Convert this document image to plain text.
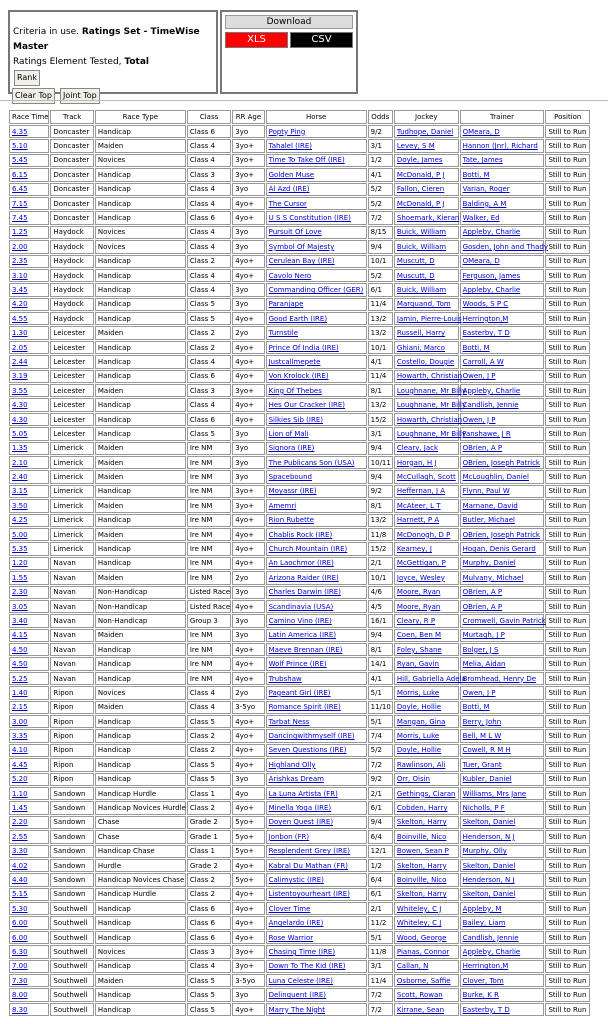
Criteria in use. Ratings Set - TimeWise Master
Ratings Element Tested, Total
Rank
Clear Top	Joint Top
Download
XLS	CSV
Race Time	Track	Race Type	Class	RR Age	Horse	Odds	Jockey	Trainer	Position
4.35	Doncaster	Handicap	Class 6	3yo	Popty Ping	9/2	Tudhope, Daniel	OMeara, D	Still to Run
5.10	Doncaster	Maiden	Class 4	3yo+	Tahalel (IRE)	3/1	Levey, S M	Hannon (Jnr), Richard	Still to Run
5.45	Doncaster	Novices	Class 4	3yo+	Time To Take Off (IRE)	1/2	Doyle, James	Tate, James	Still to Run
6.15	Doncaster	Handicap	Class 3	3yo+	Golden Muse	4/1	McDonald, P J	Botti, M	Still to Run
6.45	Doncaster	Handicap	Class 4	3yo	Al Azd (IRE)	5/2	Fallon, Cieren	Varian, Roger	Still to Run
7.15	Doncaster	Handicap	Class 4	4yo+	The Cursor	5/2	McDonald, P J	Balding, A M	Still to Run
7.45	Doncaster	Handicap	Class 6	4yo+	U S S Constitution (IRE)	7/2	Shoemark, Kieran	Walker, Ed	Still to Run
1.25	Haydock	Novices	Class 4	3yo	Pursuit Of Love	8/15	Buick, William	Appleby, Charlie	Still to Run
2.00	Haydock	Novices	Class 4	3yo	Symbol Of Majesty	9/4	Buick, William	Gosden, John and Thady	Still to Run
2.35	Haydock	Handicap	Class 2	4yo+	Cerulean Bay (IRE)	10/1	Muscutt, D	OMeara, D	Still to Run
3.10	Haydock	Handicap	Class 4	4yo+	Cavolo Nero	5/2	Muscutt, D	Ferguson, James	Still to Run
3.45	Haydock	Handicap	Class 4	3yo	Commanding Officer (GER)	6/1	Buick, William	Appleby, Charlie	Still to Run
4.20	Haydock	Handicap	Class 5	3yo	Paranjape	11/4	Marquand, Tom	Woods, S P C	Still to Run
4.55	Haydock	Handicap	Class 5	4yo+	Good Earth (IRE)	13/2	Jamin, Pierre-Louis	Herrington,M	Still to Run
1.30	Leicester	Maiden	Class 2	2yo	Turnstile	13/2	Russell, Harry	Easterby, T D	Still to Run
2.05	Leicester	Handicap	Class 2	4yo+	Prince Of India (IRE)	10/1	Ghiani, Marco	Botti, M	Still to Run
2.44	Leicester	Handicap	Class 4	4yo+	Justcallmepete	4/1	Costello, Dougie	Carroll, A W	Still to Run
3.19	Leicester	Handicap	Class 6	4yo+	Von Krolock (IRE)	11/4	Howarth, Christian	Owen, J P	Still to Run
3.55	Leicester	Maiden	Class 3	3yo+	King Of Thebes	8/1	Loughnane, Mr Billy	Appleby, Charlie	Still to Run
4.30	Leicester	Handicap	Class 4	4yo+	Hes Our Cracker (IRE)	13/2	Loughnane, Mr Billy	Candlish, Jennie	Still to Run
4.30	Leicester	Handicap	Class 6	4yo+	Silkies Sib (IRE)	15/2	Howarth, Christian	Owen, J P	Still to Run
5.05	Leicester	Handicap	Class 5	3yo	Lion of Mali	3/1	Loughnane, Mr Billy	Fanshawe, J R	Still to Run
1.35	Limerick	Maiden	Ire NM	3yo	Signora (IRE)	9/4	Cleary, Jack	OBrien, A P	Still to Run
2.10	Limerick	Maiden	Ire NM	3yo	The Publicans Son (USA)	10/11	Horgan, H J	OBrien, Joseph Patrick	Still to Run
2.40	Limerick	Maiden	Ire NM	3yo	Spacebound	9/4	McCullagh, Scott	McLoughlin, Daniel	Still to Run
3.15	Limerick	Handicap	Ire NM	3yo+	Moyassr (IRE)	9/2	Heffernan, J A	Flynn, Paul W	Still to Run
3.50	Limerick	Maiden	Ire NM	3yo+	Amemri	8/1	McAteer, L T	Marnane, David	Still to Run
4.25	Limerick	Handicap	Ire NM	4yo+	Rion Rubette	13/2	Harnett, P A	Butler, Michael	Still to Run
5.00	Limerick	Maiden	Ire NM	4yo+	Chablis Rock (IRE)	11/8	McDonogh, D P	OBrien, Joseph Patrick	Still to Run
5.35	Limerick	Handicap	Ire NM	4yo+	Church Mountain (IRE)	15/2	Kearney, J	Hogan, Denis Gerard	Still to Run
1.20	Navan	Handicap	Ire NM	4yo+	An Laochmor (IRE)	2/1	McGettigan, P	Murphy, Daniel	Still to Run
1.55	Navan	Maiden	Ire NM	2yo	Arizona Raider (IRE)	10/1	Joyce, Wesley	Mulvany, Michael	Still to Run
2.30	Navan	Non-Handicap	Listed Race	3yo	Charles Darwin (IRE)	4/6	Moore, Ryan	OBrien, A P	Still to Run
3.05	Navan	Non-Handicap	Listed Race	4yo+	Scandinavia (USA)	4/5	Moore, Ryan	OBrien, A P	Still to Run
3.40	Navan	Non-Handicap	Group 3	3yo	Camino Vino (IRE)	16/1	Cleary, R P	Cromwell, Gavin Patrick	Still to Run
4.15	Navan	Maiden	Ire NM	3yo	Latin America (IRE)	9/4	Coen, Ben M	Murtagh, J P	Still to Run
4.50	Navan	Handicap	Ire NM	4yo+	Maeve Brennan (IRE)	8/1	Foley, Shane	Bolger, J S	Still to Run
4.50	Navan	Handicap	Ire NM	4yo+	Wolf Prince (IRE)	14/1	Ryan, Gavin	Melia, Aidan	Still to Run
5.25	Navan	Handicap	Ire NM	4yo+	Trubshaw	4/1	Hill, Gabriella Adela	Bromhead, Henry De	Still to Run
1.40	Ripon	Novices	Class 4	2yo	Pageant Girl (IRE)	5/1	Morris, Luke	Owen, J P	Still to Run
2.15	Ripon	Maiden	Class 4	3-5yo	Romance Spirit (IRE)	11/10	Doyle, Hollie	Botti, M	Still to Run
3.00	Ripon	Handicap	Class 5	4yo+	Tarbat Ness	5/1	Mangan, Gina	Berry, John	Still to Run
3.35	Ripon	Handicap	Class 2	4yo+	Dancingwithmyself (IRE)	7/4	Morris, Luke	Bell, M L W	Still to Run
4.10	Ripon	Handicap	Class 2	4yo+	Seven Questions (IRE)	5/2	Doyle, Hollie	Cowell, R M H	Still to Run
4.45	Ripon	Handicap	Class 5	4yo+	Highland Olly	7/2	Rawlinson, Ali	Tuer, Grant	Still to Run
5.20	Ripon	Handicap	Class 5	3yo	Arishkas Dream	9/2	Orr, Oisin	Kubler, Daniel	Still to Run
1.10	Sandown	Handicap Hurdle	Class 1	4yo	La Luna Artista (FR)	2/1	Gethings, Ciaran	Williams, Mrs Jane	Still to Run
1.45	Sandown	Handicap Novices Hurdle	Class 2	4yo+	Minella Yoga (IRE)	6/1	Cobden, Harry	Nicholls, P F	Still to Run
2.20	Sandown	Chase	Grade 2	5yo+	Doyen Quest (IRE)	9/4	Skelton, Harry	Skelton, Daniel	Still to Run
2.55	Sandown	Chase	Grade 1	5yo+	Jonbon (FR)	6/4	Boinville, Nico	Henderson, N J	Still to Run
3.30	Sandown	Handicap Chase	Class 1	5yo+	Resplendent Grey (IRE)	12/1	Bowen, Sean P	Murphy, Olly	Still to Run
4.02	Sandown	Hurdle	Grade 2	4yo+	Kabral Du Mathan (FR)	1/2	Skelton, Harry	Skelton, Daniel	Still to Run
4.40	Sandown	Handicap Novices Chase	Class 2	5yo+	Calimystic (IRE)	6/4	Boinville, Nico	Henderson, N J	Still to Run
5.15	Sandown	Handicap Hurdle	Class 2	4yo+	Listentoyourheart (IRE)	6/1	Skelton, Harry	Skelton, Daniel	Still to Run
5.30	Southwell	Handicap	Class 6	4yo+	Clover Time	2/1	Whiteley, C J	Appleby, M	Still to Run
6.00	Southwell	Handicap	Class 6	4yo+	Angelardo (IRE)	11/2	Whiteley, C J	Bailey, Liam	Still to Run
6.00	Southwell	Handicap	Class 6	4yo+	Rose Warrior	5/1	Wood, George	Candlish, Jennie	Still to Run
6.30	Southwell	Novices	Class 3	3yo+	Chasing Time (IRE)	11/8	Pianas, Connor	Appleby, Charlie	Still to Run
7.00	Southwell	Handicap	Class 4	3yo+	Down To The Kid (IRE)	3/1	Callan, N	Herrington,M	Still to Run
7.30	Southwell	Maiden	Class 5	3-5yo	Luna Celeste (IRE)	11/4	Osborne, Saffie	Clover, Tom	Still to Run
8.00	Southwell	Handicap	Class 5	3yo	Delinquent (IRE)	7/2	Scott, Rowan	Burke, K R	Still to Run
8.30	Southwell	Handicap	Class 5	4yo+	Marry The Night	7/2	Kirrane, Sean	Easterby, T D	Still to Run
